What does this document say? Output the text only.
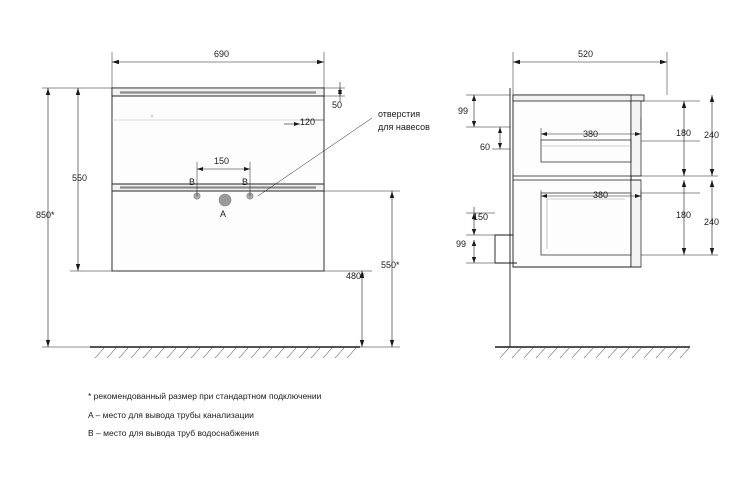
690
550
850*
50
120
150
550*
480*
B	B
A
отверстия
для навесов
520
380
380
180
180
240
240
99
60
150
99
* рекомендованный размер при стандартном подключении
A – место для вывода трубы канализации
B – место для вывода труб водоснабжения
